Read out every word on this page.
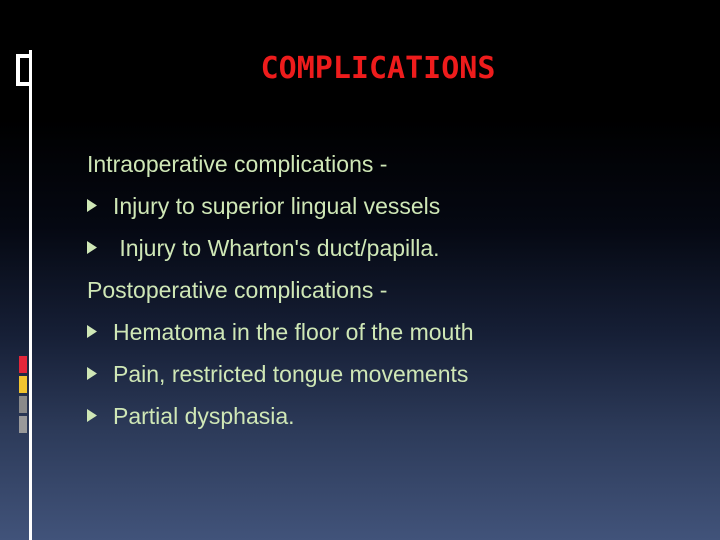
COMPLICATIONS
Intraoperative complications -
Injury to superior lingual vessels
Injury to Wharton's duct/papilla.
Postoperative complications -
Hematoma in the floor of the mouth
Pain, restricted tongue movements
Partial dysphasia.
